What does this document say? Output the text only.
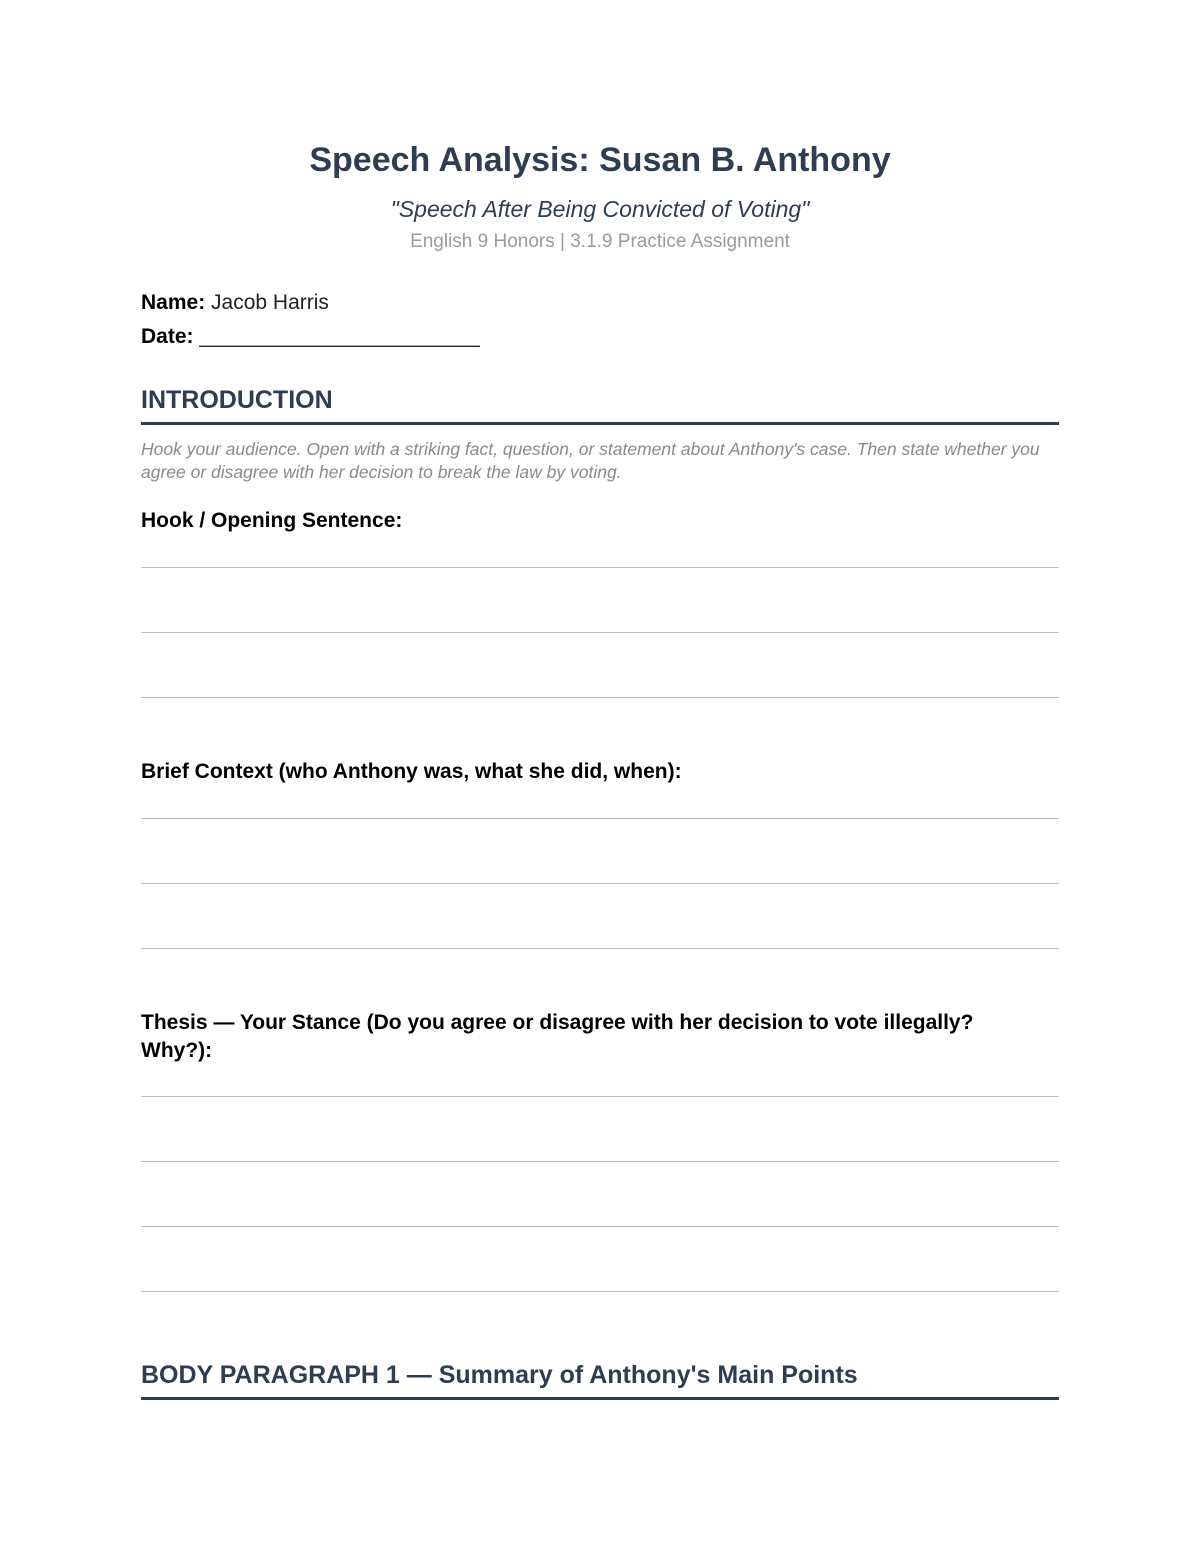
Speech Analysis: Susan B. Anthony
"Speech After Being Convicted of Voting"
English 9 Honors | 3.1.9 Practice Assignment
Name: Jacob Harris
Date: ________________________
INTRODUCTION
Hook your audience. Open with a striking fact, question, or statement about Anthony's case. Then state whether you agree or disagree with her decision to break the law by voting.
Hook / Opening Sentence:
Brief Context (who Anthony was, what she did, when):
Thesis — Your Stance (Do you agree or disagree with her decision to vote illegally? Why?):
BODY PARAGRAPH 1 — Summary of Anthony's Main Points
